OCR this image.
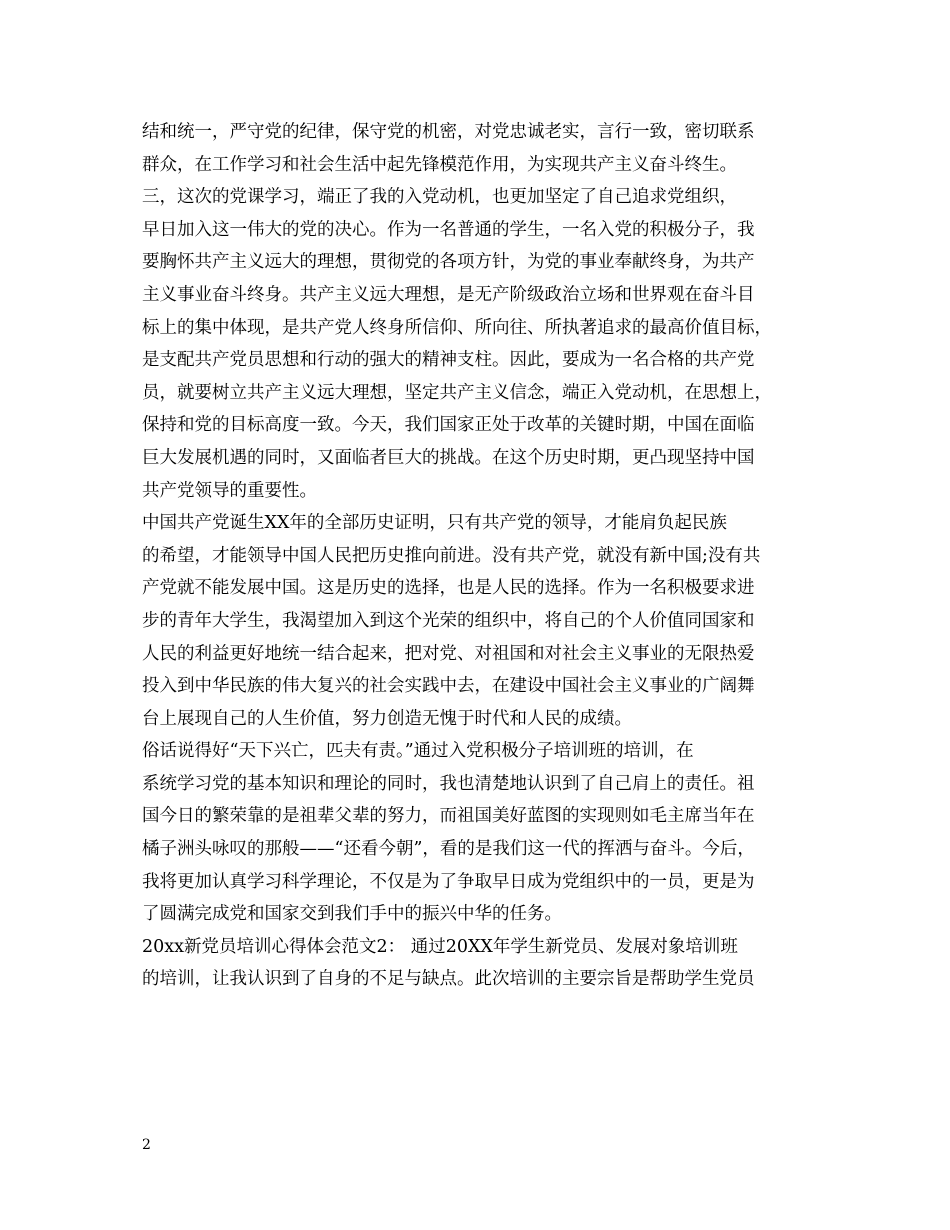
结和统一，严守党的纪律，保守党的机密，对党忠诚老实，言行一致，密切联系
群众，在工作学习和社会生活中起先锋模范作用，为实现共产主义奋斗终生。
三，这次的党课学习，端正了我的入党动机，也更加坚定了自己追求党组织，
早日加入这一伟大的党的决心。作为一名普通的学生，一名入党的积极分子，我
要胸怀共产主义远大的理想，贯彻党的各项方针，为党的事业奉献终身，为共产
主义事业奋斗终身。共产主义远大理想，是无产阶级政治立场和世界观在奋斗目
标上的集中体现，是共产党人终身所信仰、所向往、所执著追求的最高价值目标，
是支配共产党员思想和行动的强大的精神支柱。因此，要成为一名合格的共产党
员，就要树立共产主义远大理想，坚定共产主义信念，端正入党动机，在思想上，
保持和党的目标高度一致。今天，我们国家正处于改革的关键时期，中国在面临
巨大发展机遇的同时，又面临者巨大的挑战。在这个历史时期，更凸现坚持中国
共产党领导的重要性。
中国共产党诞生XX年的全部历史证明，只有共产党的领导，才能肩负起民族
的希望，才能领导中国人民把历史推向前进。没有共产党，就没有新中国;没有共
产党就不能发展中国。这是历史的选择，也是人民的选择。作为一名积极要求进
步的青年大学生，我渴望加入到这个光荣的组织中，将自己的个人价值同国家和
人民的利益更好地统一结合起来，把对党、对祖国和对社会主义事业的无限热爱
投入到中华民族的伟大复兴的社会实践中去，在建设中国社会主义事业的广阔舞
台上展现自己的人生价值，努力创造无愧于时代和人民的成绩。
俗话说得好“天下兴亡，匹夫有责。”通过入党积极分子培训班的培训，在
系统学习党的基本知识和理论的同时，我也清楚地认识到了自己肩上的责任。祖
国今日的繁荣靠的是祖辈父辈的努力，而祖国美好蓝图的实现则如毛主席当年在
橘子洲头咏叹的那般——“还看今朝”，看的是我们这一代的挥洒与奋斗。今后，
我将更加认真学习科学理论，不仅是为了争取早日成为党组织中的一员，更是为
了圆满完成党和国家交到我们手中的振兴中华的任务。
20xx新党员培训心得体会范文2： 通过20XX年学生新党员、发展对象培训班
的培训，让我认识到了自身的不足与缺点。此次培训的主要宗旨是帮助学生党员
2
